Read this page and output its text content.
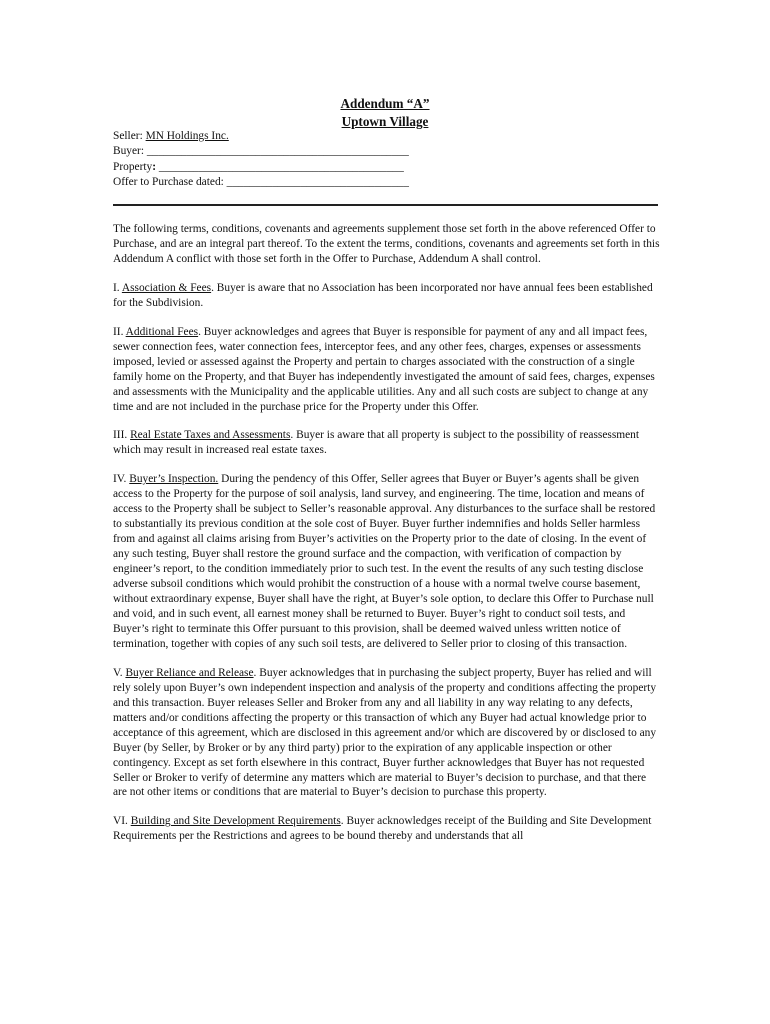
Addendum “A”
Uptown Village
Seller: MN Holdings Inc.
Buyer: ______________________________________________
Property: ___________________________________________
Offer to Purchase dated: ________________________________

The following terms, conditions, covenants and agreements supplement those set forth in the above referenced Offer to Purchase, and are an integral part thereof. To the extent the terms, conditions, covenants and agreements set forth in this Addendum A conflict with those set forth in the Offer to Purchase, Addendum A shall control.

I. Association & Fees. Buyer is aware that no Association has been incorporated nor have annual fees been established for the Subdivision.

II. Additional Fees. Buyer acknowledges and agrees that Buyer is responsible for payment of any and all impact fees, sewer connection fees, water connection fees, interceptor fees, and any other fees, charges, expenses or assessments imposed, levied or assessed against the Property and pertain to charges associated with the construction of a single family home on the Property, and that Buyer has independently investigated the amount of said fees, charges, expenses and assessments with the Municipality and the applicable utilities. Any and all such costs are subject to change at any time and are not included in the purchase price for the Property under this Offer.

III. Real Estate Taxes and Assessments. Buyer is aware that all property is subject to the possibility of reassessment which may result in increased real estate taxes.

IV. Buyer’s Inspection. During the pendency of this Offer, Seller agrees that Buyer or Buyer’s agents shall be given access to the Property for the purpose of soil analysis, land survey, and engineering. The time, location and means of access to the Property shall be subject to Seller’s reasonable approval. Any disturbances to the surface shall be restored to substantially its previous condition at the sole cost of Buyer. Buyer further indemnifies and holds Seller harmless from and against all claims arising from Buyer’s activities on the Property prior to the date of closing. In the event of any such testing, Buyer shall restore the ground surface and the compaction, with verification of compaction by engineer’s report, to the condition immediately prior to such test. In the event the results of any such testing disclose adverse subsoil conditions which would prohibit the construction of a house with a normal twelve course basement, without extraordinary expense, Buyer shall have the right, at Buyer’s sole option, to declare this Offer to Purchase null and void, and in such event, all earnest money shall be returned to Buyer. Buyer’s right to conduct soil tests, and Buyer’s right to terminate this Offer pursuant to this provision, shall be deemed waived unless written notice of termination, together with copies of any such soil tests, are delivered to Seller prior to closing of this transaction.

V. Buyer Reliance and Release. Buyer acknowledges that in purchasing the subject property, Buyer has relied and will rely solely upon Buyer’s own independent inspection and analysis of the property and conditions affecting the property and this transaction. Buyer releases Seller and Broker from any and all liability in any way relating to any defects, matters and/or conditions affecting the property or this transaction of which any Buyer had actual knowledge prior to acceptance of this agreement, which are disclosed in this agreement and/or which are discovered by or disclosed to any Buyer (by Seller, by Broker or by any third party) prior to the expiration of any applicable inspection or other contingency. Except as set forth elsewhere in this contract, Buyer further acknowledges that Buyer has not requested Seller or Broker to verify of determine any matters which are material to Buyer’s decision to purchase, and that there are not other items or conditions that are material to Buyer’s decision to purchase this property.

VI. Building and Site Development Requirements. Buyer acknowledges receipt of the Building and Site Development Requirements per the Restrictions and agrees to be bound thereby and understands that all
